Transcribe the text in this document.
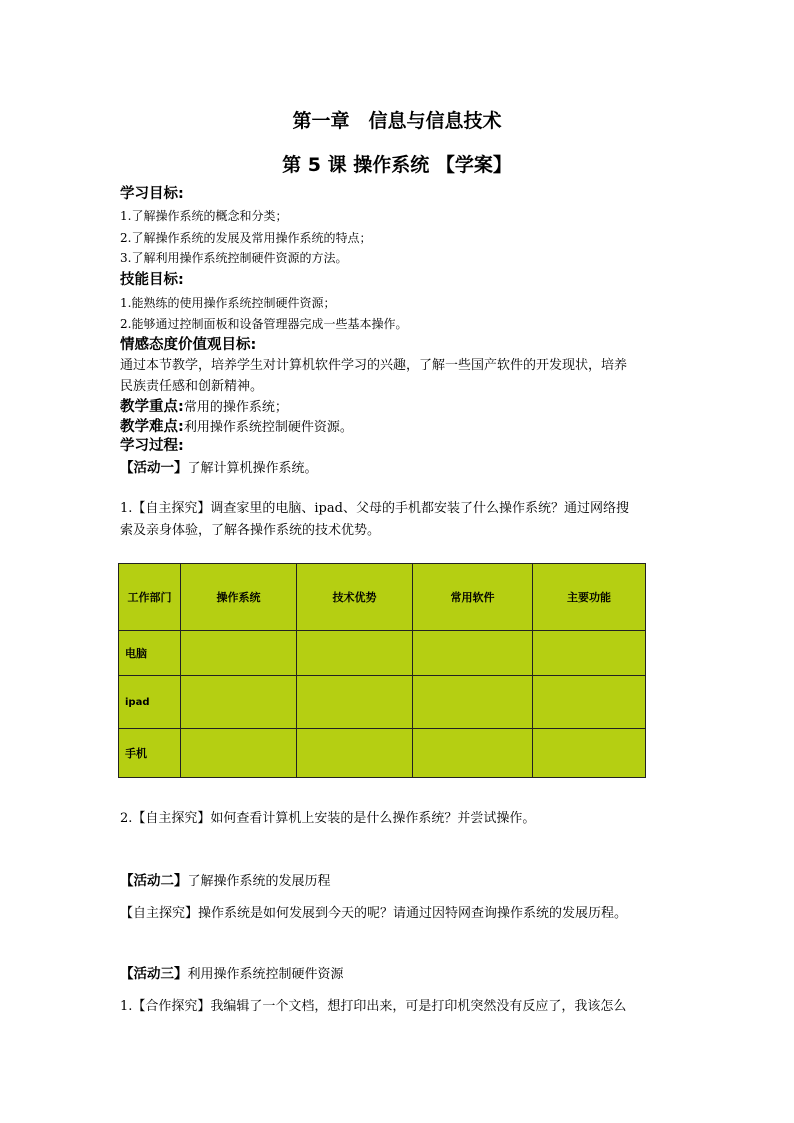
第一章　信息与信息技术
第 5 课 操作系统 【学案】
学习目标:
1.了解操作系统的概念和分类；
2.了解操作系统的发展及常用操作系统的特点；
3.了解利用操作系统控制硬件资源的方法。
技能目标:
1.能熟练的使用操作系统控制硬件资源；
2.能够通过控制面板和设备管理器完成一些基本操作。
情感态度价值观目标:
通过本节教学，培养学生对计算机软件学习的兴趣，了解一些国产软件的开发现状，培养
民族责任感和创新精神。
教学重点:常用的操作系统；
教学难点:利用操作系统控制硬件资源。
学习过程:
【活动一】了解计算机操作系统。
1.【自主探究】调查家里的电脑、ipad、父母的手机都安装了什么操作系统？通过网络搜
索及亲身体验，了解各操作系统的技术优势。
工作部门	操作系统	技术优势	常用软件	主要功能
电脑				
ipad				
手机				
2.【自主探究】如何查看计算机上安装的是什么操作系统？并尝试操作。
【活动二】了解操作系统的发展历程
【自主探究】操作系统是如何发展到今天的呢？请通过因特网查询操作系统的发展历程。
【活动三】利用操作系统控制硬件资源
1.【合作探究】我编辑了一个文档，想打印出来，可是打印机突然没有反应了，我该怎么
